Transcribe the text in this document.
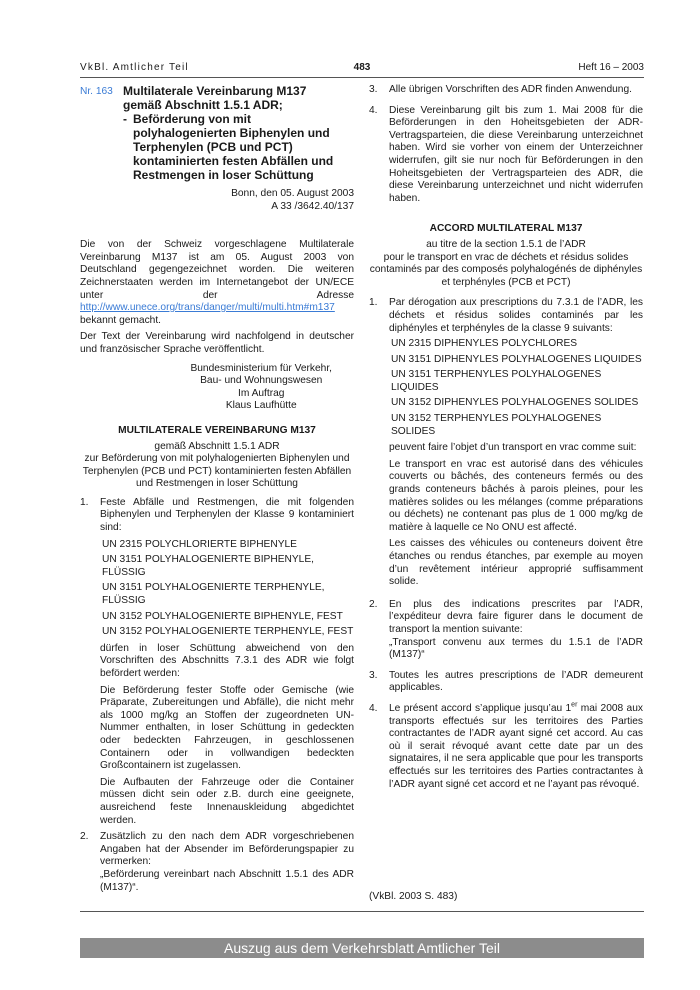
VkBl. Amtlicher Teil	483	Heft 16 – 2003
Nr. 163 Multilaterale Vereinbarung M137
gemäß Abschnitt 1.5.1 ADR;
- Beförderung von mit polyhalogenierten Biphenylen und Terphenylen (PCB und PCT) kontaminierten festen Abfällen und Restmengen in loser Schüttung
Bonn, den 05. August 2003
A 33 /3642.40/137

Die von der Schweiz vorgeschlagene Multilaterale Vereinbarung M137 ist am 05. August 2003 von Deutschland gegengezeichnet worden. Die weiteren Zeichnerstaaten werden im Internetangebot der UN/ECE unter der Adresse http://www.unece.org/trans/danger/multi/multi.htm#m137 bekannt gemacht.

Der Text der Vereinbarung wird nachfolgend in deutscher und französischer Sprache veröffentlicht.

Bundesministerium für Verkehr,
Bau- und Wohnungswesen
Im Auftrag
Klaus Laufhütte
MULTILATERALE VEREINBARUNG M137
gemäß Abschnitt 1.5.1 ADR
zur Beförderung von mit polyhalogenierten Biphenylen und Terphenylen (PCB und PCT) kontaminierten festen Abfällen und Restmengen in loser Schüttung
1. Feste Abfälle und Restmengen, die mit folgenden Biphenylen und Terphenylen der Klasse 9 kontaminiert sind:
UN 2315 POLYCHLORIERTE BIPHENYLE
UN 3151 POLYHALOGENIERTE BIPHENYLE, FLÜSSIG
UN 3151 POLYHALOGENIERTE TERPHENYLE, FLÜSSIG
UN 3152 POLYHALOGENIERTE BIPHENYLE, FEST
UN 3152 POLYHALOGENIERTE TERPHENYLE, FEST

dürfen in loser Schüttung abweichend von den Vorschriften des Abschnitts 7.3.1 des ADR wie folgt befördert werden:

Die Beförderung fester Stoffe oder Gemische (wie Präparate, Zubereitungen und Abfälle), die nicht mehr als 1000 mg/kg an Stoffen der zugeordneten UN-Nummer enthalten, in loser Schüttung in gedeckten oder bedeckten Fahrzeugen, in geschlossenen Containern oder in vollwandigen bedeckten Großcontainern ist zugelassen.

Die Aufbauten der Fahrzeuge oder die Container müssen dicht sein oder z.B. durch eine geeignete, ausreichend feste Innenauskleidung abgedichtet werden.

2. Zusätzlich zu den nach dem ADR vorgeschriebenen Angaben hat der Absender im Beförderungspapier zu vermerken:
„Beförderung vereinbart nach Abschnitt 1.5.1 des ADR (M137)“.
3. Alle übrigen Vorschriften des ADR finden Anwendung.
4. Diese Vereinbarung gilt bis zum 1. Mai 2008 für die Beförderungen in den Hoheitsgebieten der ADR-Vertragsparteien, die diese Vereinbarung unterzeichnet haben. Wird sie vorher von einem der Unterzeichner widerrufen, gilt sie nur noch für Beförderungen in den Hoheitsgebieten der Vertragsparteien des ADR, die diese Vereinbarung unterzeichnet und nicht widerrufen haben.
ACCORD MULTILATERAL M137
au titre de la section 1.5.1 de l’ADR
pour le transport en vrac de déchets et résidus solides contaminés par des composés polyhalogénés de diphényles et terphényles (PCB et PCT)
1. Par dérogation aux prescriptions du 7.3.1 de l’ADR, les déchets et résidus solides contaminés par les diphényles et terphényles de la classe 9 suivants:
UN 2315 DIPHENYLES POLYCHLORES
UN 3151 DIPHENYLES POLYHALOGENES LIQUIDES
UN 3151 TERPHENYLES POLYHALOGENES LIQUIDES
UN 3152 DIPHENYLES POLYHALOGENES SOLIDES
UN 3152 TERPHENYLES POLYHALOGENES SOLIDES

peuvent faire l’objet d’un transport en vrac comme suit:

Le transport en vrac est autorisé dans des véhicules couverts ou bâchés, des conteneurs fermés ou des grands conteneurs bâchés à parois pleines, pour les matières solides ou les mélanges (comme préparations ou déchets) ne contenant pas plus de 1 000 mg/kg de matière à laquelle ce No ONU est affecté.

Les caisses des véhicules ou conteneurs doivent être étanches ou rendus étanches, par exemple au moyen d’un revêtement intérieur approprié suffisamment solide.

2. En plus des indications prescrites par l’ADR, l’expéditeur devra faire figurer dans le document de transport la mention suivante:
„Transport convenu aux termes du 1.5.1 de l’ADR (M137)“
3. Toutes les autres prescriptions de l’ADR demeurent applicables.
4. Le présent accord s’applique jusqu’au 1er mai 2008 aux transports effectués sur les territoires des Parties contractantes de l’ADR ayant signé cet accord. Au cas où il serait révoqué avant cette date par un des signataires, il ne sera applicable que pour les transports effectués sur les territoires des Parties contractantes à l’ADR ayant signé cet accord et ne l’ayant pas révoqué.
(VkBl. 2003 S. 483)
Auszug aus dem Verkehrsblatt Amtlicher Teil
